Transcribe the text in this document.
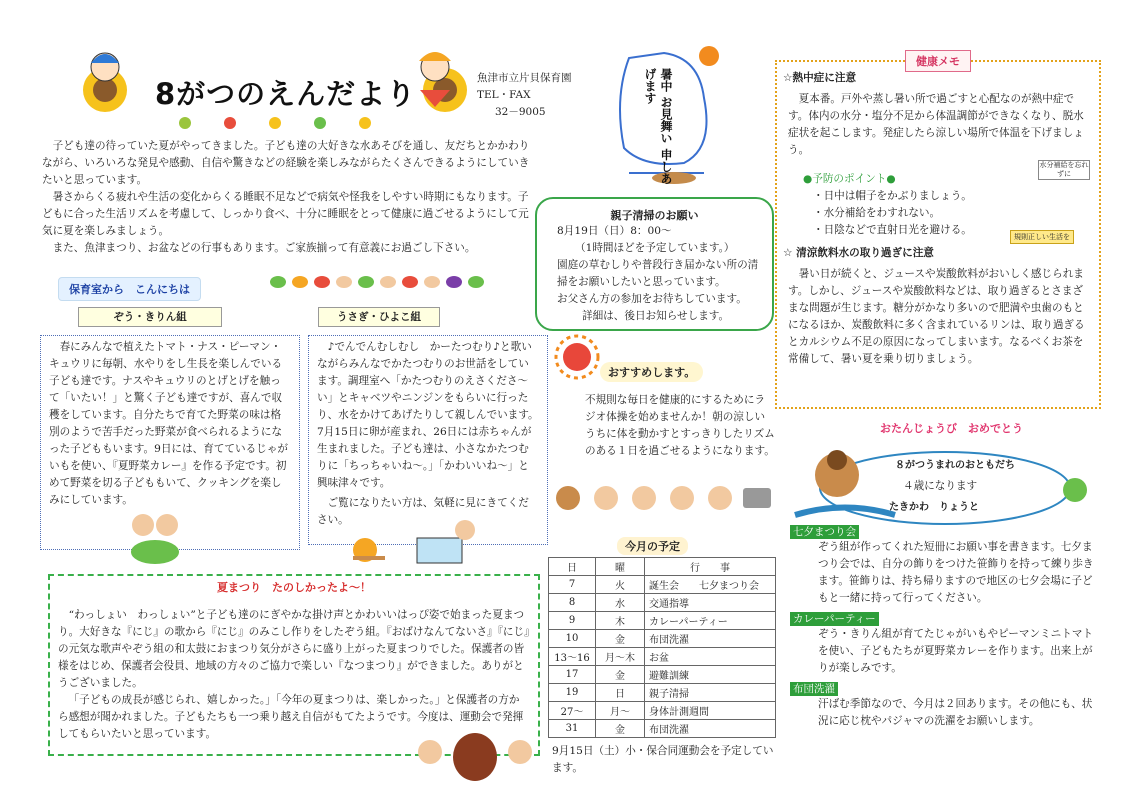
8がつのえんだより	魚津市立片貝保育園
TEL・FAX
32－9005
暑中 お見舞い 申しあげます

子ども達の待っていた夏がやってきました。子ども達の大好きな水あそびを通し、友だちとかかわりながら、いろいろな発見や感動、自信や驚きなどの経験を楽しみながらたくさんできるようにしていきたいと思っています。

暑さからくる疲れや生活の変化からくる睡眠不足などで病気や怪我をしやすい時期にもなります。子どもに合った生活リズムを考慮して、しっかり食べ、十分に睡眠をとって健康に過ごせるようにして元気に夏を楽しみましょう。

また、魚津まつり、お盆などの行事もあります。ご家族揃って有意義にお過ごし下さい。

保育室から　こんにちは
ぞう・きりん組

春にみんなで植えたトマト・ナス・ピーマン・キュウリに毎朝、水やりをし生長を楽しんでいる子ども達です。ナスやキュウリのとげとげを触って「いたい！」と驚く子ども達ですが、喜んで収穫をしています。自分たちで育てた野菜の味は格別のようで苦手だった野菜が食べられるようになった子どももいます。9日には、育てているじゃがいもを使い、『夏野菜カレー』を作る予定です。初めて野菜を切る子どももいて、クッキングを楽しみにしています。

うさぎ・ひよこ組

♪でんでんむしむし　かーたつむり♪と歌いながらみんなでかたつむりのお世話をしています。調理室へ「かたつむりのえさくださ～い」とキャベツやニンジンをもらいに行ったり、水をかけてあげたりして親しんでいます。7月15日に卵が産まれ、26日には赤ちゃんが生まれました。子ども達は、小さなかたつむりに「ちっちゃいね～。」「かわいいね～」と興味津々です。

ご覧になりたい方は、気軽に見にきてください。

親子清掃のお願い
8月19日（日）8：00～
（1時間ほどを予定しています。）
園庭の草むしりや普段行き届かない所の清掃をお願いしたいと思っています。
お父さん方の参加をお待ちしています。
詳細は、後日お知らせします。
おすすめします。
不規則な毎日を健康的にするためにラジオ体操を始めませんか！朝の涼しいうちに体を動かすとすっきりしたリズムのある１日を過ごせるようになります。
健康メモ
☆熱中症に注意

夏本番。戸外や蒸し暑い所で過ごすと心配なのが熱中症です。体内の水分・塩分不足から体温調節ができなくなり、脱水症状を起こします。発症したら涼しい場所で体温を下げましょう。

●予防のポイント●
・日中は帽子をかぶりましょう。
・水分補給をわすれない。
・日陰などで直射日光を避ける。
☆ 清涼飲料水の取り過ぎに注意

暑い日が続くと、ジュースや炭酸飲料がおいしく感じられます。しかし、ジュースや炭酸飲料などは、取り過ぎるとさまざまな問題が生じます。糖分がかなり多いので肥満や虫歯のもとになるほか、炭酸飲料に多く含まれているリンは、取り過ぎるとカルシウム不足の原因になってしまいます。なるべくお茶を常備して、暑い夏を乗り切りましょう。

水分補給を忘れずに
規則正しい生活を
おたんじょうび　おめでとう
８がつうまれのおともだち
４歳になります たきかわ　りょうと
七夕まつり会

ぞう組が作ってくれた短冊にお願い事を書きます。七夕まつり会では、自分の飾りをつけた笹飾りを持って練り歩きます。笹飾りは、持ち帰りますので地区の七夕会場に子どもと一緒に持って行ってください。

カレーパーティー

ぞう・きりん組が育てたじゃがいもやピーマンミニトマトを使い、子どもたちが夏野菜カレーを作ります。出来上がりが楽しみです。

布団洗濯

汗ばむ季節なので、今月は２回あります。その他にも、状況に応じ枕やパジャマの洗濯をお願いします。

夏まつり　たのしかったよ～！

“わっしょい　わっしょい”と子ども達のにぎやかな掛け声とかわいいはっぴ姿で始まった夏まつり。大好きな『にじ』の歌から『にじ』のみこし作りをしたぞう組。『おばけなんてないさ』『にじ』の元気な歌声やぞう組の和太鼓におまつり気分がさらに盛り上がった夏まつりでした。保護者の皆様をはじめ、保護者会役員、地域の方々のご協力で楽しい『なつまつり』ができました。ありがとうございました。

「子どもの成長が感じられ、嬉しかった。」「今年の夏まつりは、楽しかった。」と保護者の方から感想が聞かれました。子どもたちも一つ乗り越え自信がもてたようです。今度は、運動会で発揮してもらいたいと思っています。

今月の予定
日	曜	行　　事
7	火	誕生会　　七夕まつり会
8	水	交通指導
9	木	カレーパーティー
10	金	布団洗濯
13～16	月～木	お盆
17	金	避難訓練
19	日	親子清掃
27～	月～	身体計測週間
31	金	布団洗濯
9月15日（土）小・保合同運動会を予定しています。
